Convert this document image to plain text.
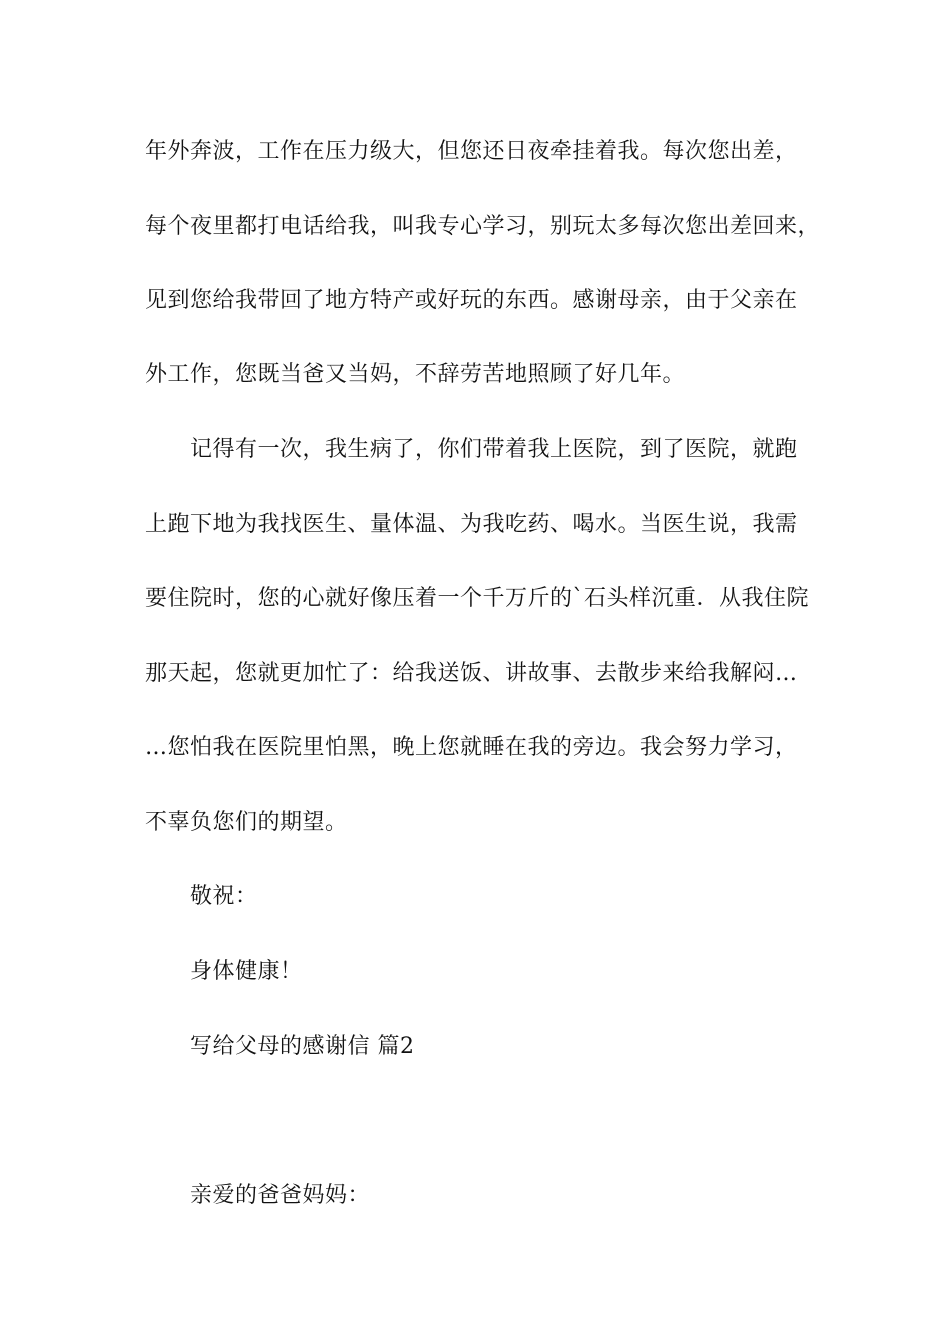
年外奔波，工作在压力级大，但您还日夜牵挂着我。每次您出差，
每个夜里都打电话给我，叫我专心学习，别玩太多每次您出差回来，
见到您给我带回了地方特产或好玩的东西。感谢母亲，由于父亲在
外工作，您既当爸又当妈，不辞劳苦地照顾了好几年。
记得有一次，我生病了，你们带着我上医院，到了医院，就跑
上跑下地为我找医生、量体温、为我吃药、喝水。当医生说，我需
要住院时，您的心就好像压着一个千万斤的`石头样沉重．从我住院
那天起，您就更加忙了：给我送饭、讲故事、去散步来给我解闷…
…您怕我在医院里怕黑，晚上您就睡在我的旁边。我会努力学习，
不辜负您们的期望。
敬祝：
身体健康！
写给父母的感谢信 篇2
亲爱的爸爸妈妈：
